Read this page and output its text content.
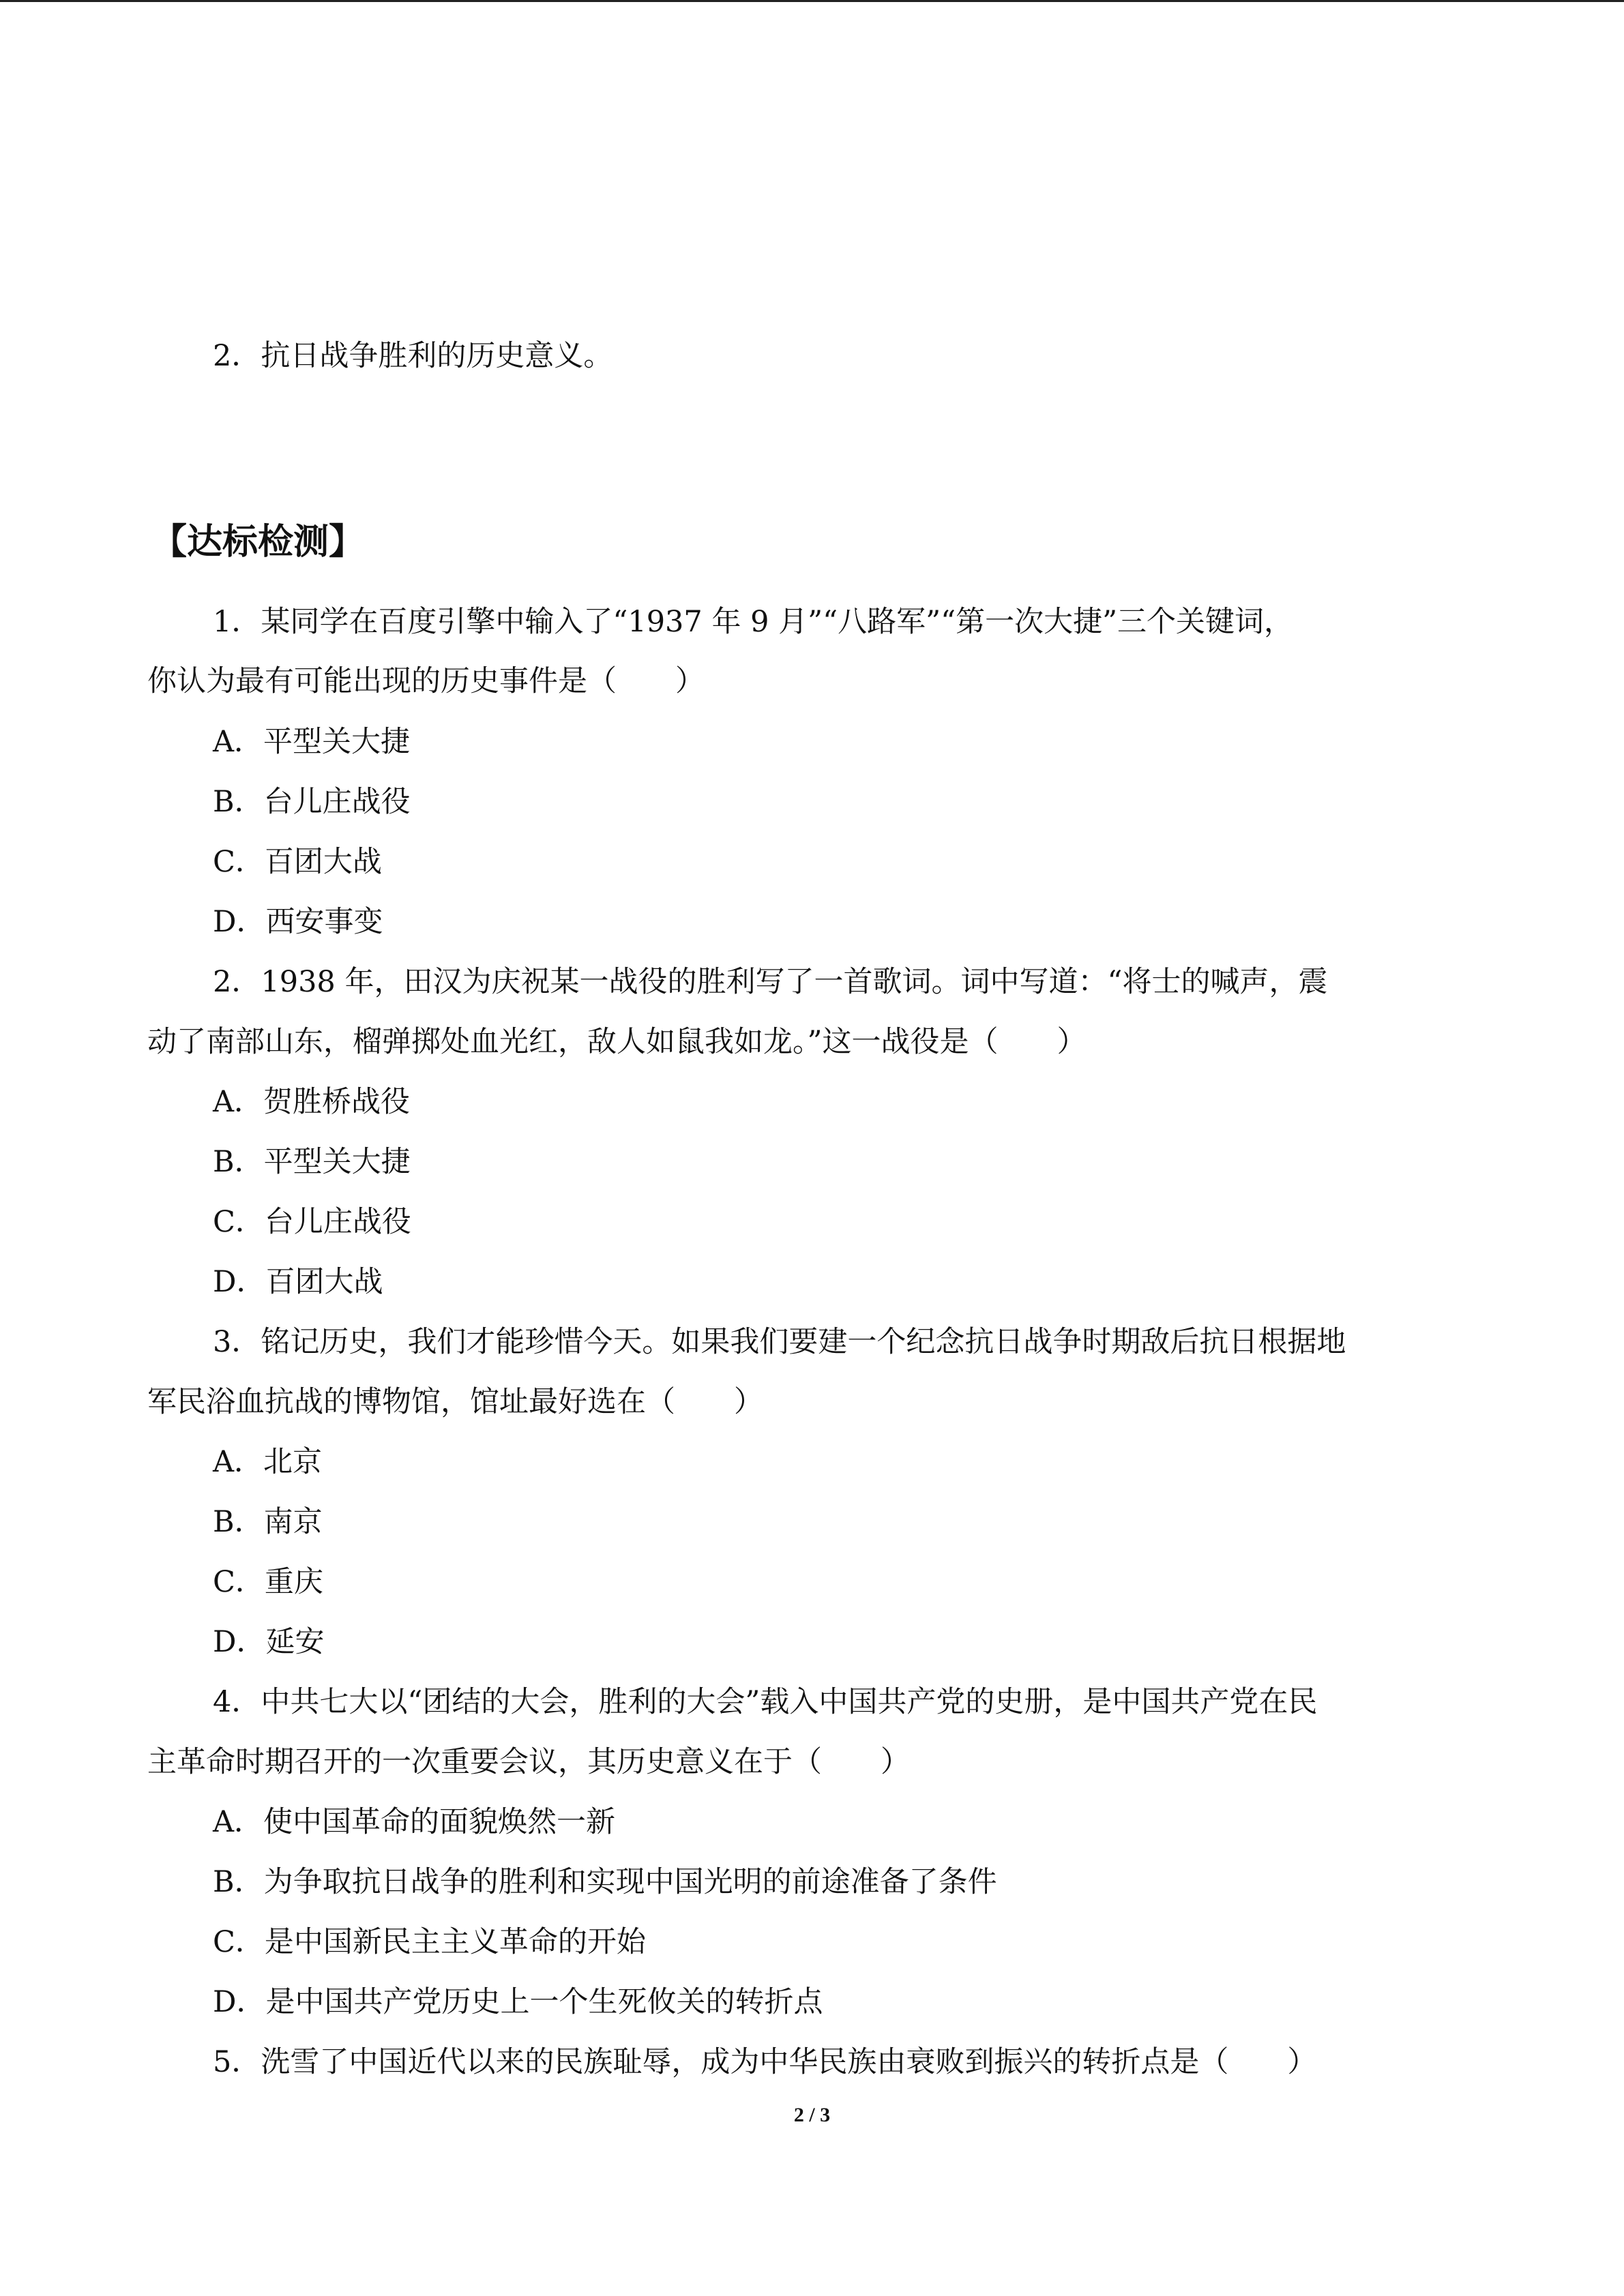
2．抗日战争胜利的历史意义。
【达标检测】
1．某同学在百度引擎中输入了“1937 年 9 月”“八路军”“第一次大捷”三个关键词，
你认为最有可能出现的历史事件是（　　）
A．平型关大捷
B．台儿庄战役
C．百团大战
D．西安事变
2．1938 年，田汉为庆祝某一战役的胜利写了一首歌词。词中写道：“将士的喊声，震
动了南部山东，榴弹掷处血光红，敌人如鼠我如龙。”这一战役是（　　）
A．贺胜桥战役
B．平型关大捷
C．台儿庄战役
D．百团大战
3．铭记历史，我们才能珍惜今天。如果我们要建一个纪念抗日战争时期敌后抗日根据地
军民浴血抗战的博物馆，馆址最好选在（　　）
A．北京
B．南京
C．重庆
D．延安
4．中共七大以“团结的大会，胜利的大会”载入中国共产党的史册，是中国共产党在民
主革命时期召开的一次重要会议，其历史意义在于（　　）
A．使中国革命的面貌焕然一新
B．为争取抗日战争的胜利和实现中国光明的前途准备了条件
C．是中国新民主主义革命的开始
D．是中国共产党历史上一个生死攸关的转折点
5．洗雪了中国近代以来的民族耻辱，成为中华民族由衰败到振兴的转折点是（　　）
2 / 3
